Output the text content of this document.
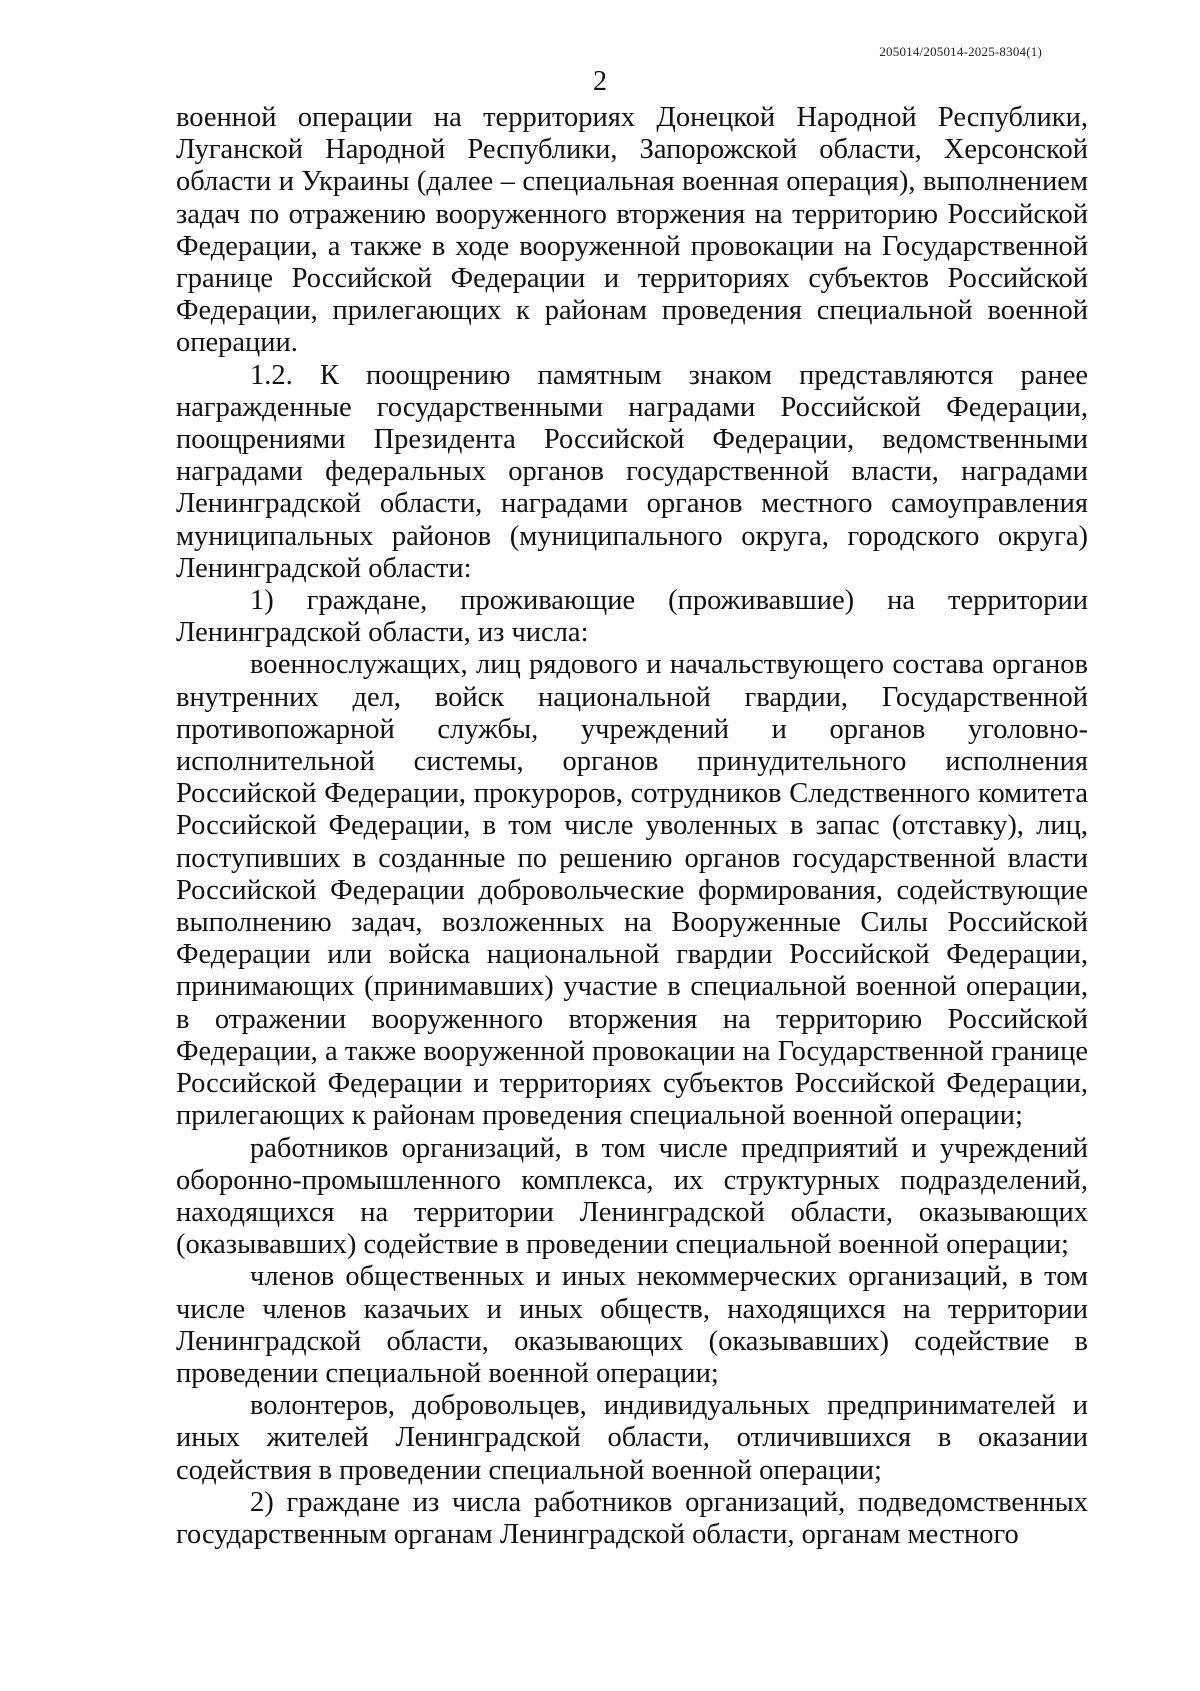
205014/205014-2025-8304(1)
2

военной операции на территориях Донецкой Народной Республики, Луганской Народной Республики, Запорожской области, Херсонской области и Украины (далее – специальная военная операция), выполнением задач по отражению вооруженного вторжения на территорию Российской Федерации, а также в ходе вооруженной провокации на Государственной границе Российской Федерации и территориях субъектов Российской Федерации, прилегающих к районам проведения специальной военной операции.

1.2. К поощрению памятным знаком представляются ранее награжденные государственными наградами Российской Федерации, поощрениями Президента Российской Федерации, ведомственными наградами федеральных органов государственной власти, наградами Ленинградской области, наградами органов местного самоуправления муниципальных районов (муниципального округа, городского округа) Ленинградской области:

1) граждане, проживающие (проживавшие) на территории Ленинградской области, из числа:

военнослужащих, лиц рядового и начальствующего состава органов внутренних дел, войск национальной гвардии, Государственной противопожарной службы, учреждений и органов уголовно-исполнительной системы, органов принудительного исполнения Российской Федерации, прокуроров, сотрудников Следственного комитета Российской Федерации, в том числе уволенных в запас (отставку), лиц, поступивших в созданные по решению органов государственной власти Российской Федерации добровольческие формирования, содействующие выполнению задач, возложенных на Вооруженные Силы Российской Федерации или войска национальной гвардии Российской Федерации, принимающих (принимавших) участие в специальной военной операции, в отражении вооруженного вторжения на территорию Российской Федерации, а также вооруженной провокации на Государственной границе Российской Федерации и территориях субъектов Российской Федерации, прилегающих к районам проведения специальной военной операции;

работников организаций, в том числе предприятий и учреждений оборонно-промышленного комплекса, их структурных подразделений, находящихся на территории Ленинградской области, оказывающих (оказывавших) содействие в проведении специальной военной операции;

членов общественных и иных некоммерческих организаций, в том числе членов казачьих и иных обществ, находящихся на территории Ленинградской области, оказывающих (оказывавших) содействие в проведении специальной военной операции;

волонтеров, добровольцев, индивидуальных предпринимателей и иных жителей Ленинградской области, отличившихся в оказании содействия в проведении специальной военной операции;

2) граждане из числа работников организаций, подведомственных государственным органам Ленинградской области, органам местного
